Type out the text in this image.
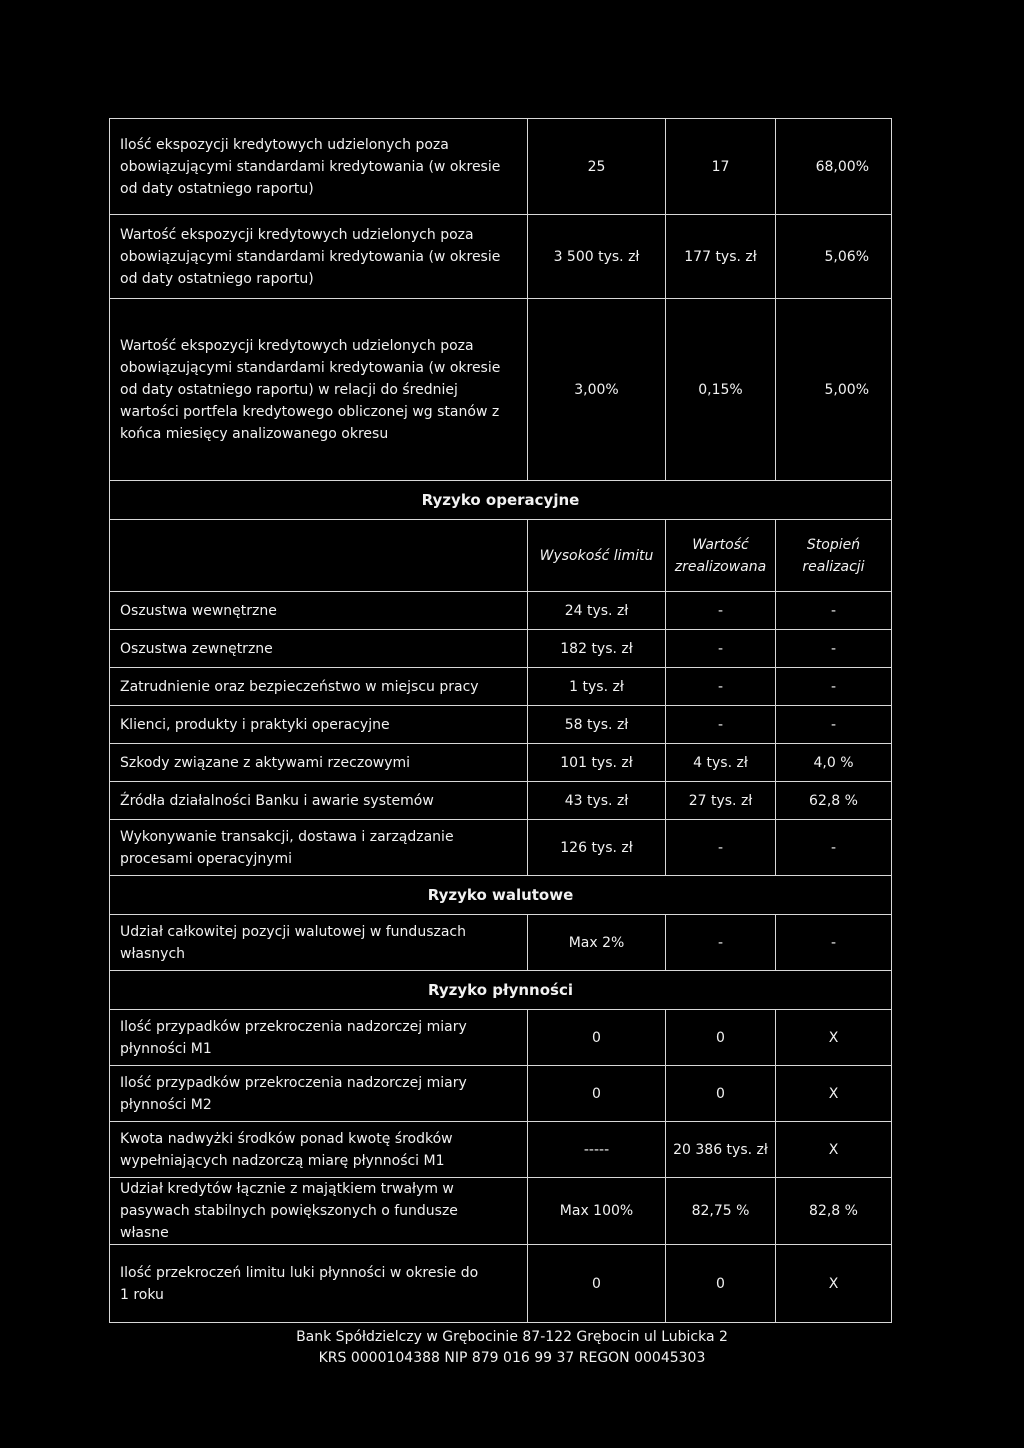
Ilość ekspozycji kredytowych udzielonych poza obowiązującymi standardami kredytowania (w okresie od daty ostatniego raportu)	25	17	68,00%
Wartość ekspozycji kredytowych udzielonych poza obowiązującymi standardami kredytowania (w okresie od daty ostatniego raportu)	3 500 tys. zł	177 tys. zł	5,06%
Wartość ekspozycji kredytowych udzielonych poza obowiązującymi standardami kredytowania (w okresie od daty ostatniego raportu) w relacji do średniej wartości portfela kredytowego obliczonej wg stanów z końca miesięcy analizowanego okresu	3,00%	0,15%	5,00%
Ryzyko operacyjne			
	Wysokość limitu	Wartość zrealizowana	Stopień realizacji
Oszustwa wewnętrzne	24 tys. zł	-	-
Oszustwa zewnętrzne	182 tys. zł	-	-
Zatrudnienie oraz bezpieczeństwo w miejscu pracy	1 tys. zł	-	-
Klienci, produkty i praktyki operacyjne	58 tys. zł	-	-
Szkody związane z aktywami rzeczowymi	101 tys. zł	4 tys. zł	4,0 %
Źródła działalności Banku i awarie systemów	43 tys. zł	27 tys. zł	62,8 %
Wykonywanie transakcji, dostawa i zarządzanie procesami operacyjnymi	126 tys. zł	-	-
Ryzyko walutowe			
Udział całkowitej pozycji walutowej w funduszach własnych	Max 2%	-	-
Ryzyko płynności			
Ilość przypadków przekroczenia nadzorczej miary płynności M1	0	0	X
Ilość przypadków przekroczenia nadzorczej miary płynności M2	0	0	X
Kwota nadwyżki środków ponad kwotę środków wypełniających nadzorczą miarę płynności M1	-----	20 386 tys. zł	X
Udział kredytów łącznie z majątkiem trwałym w pasywach stabilnych powiększonych o fundusze własne	Max 100%	82,75 %	82,8 %
Ilość przekroczeń limitu luki płynności w okresie do 1 roku	0	0	X
Bank Spółdzielczy w Grębocinie 87-122 Grębocin ul Lubicka 2
KRS 0000104388 NIP 879 016 99 37 REGON 00045303
